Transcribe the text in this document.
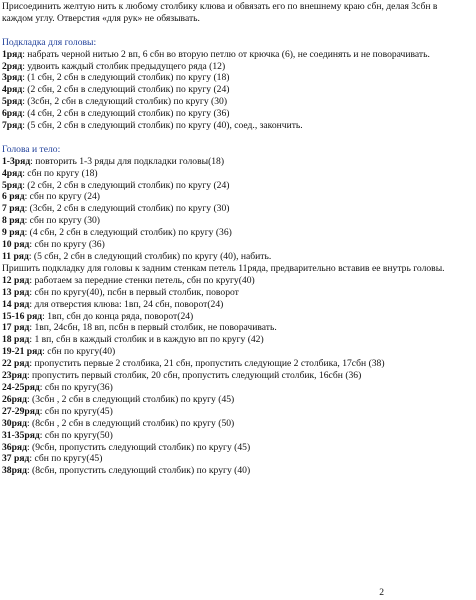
Присоединить желтую нить к любому столбику клюва и обвязать его по внешнему краю сбн, делая 3сбн в каждом углу. Отверстия «для рук» не обязывать.

Подкладка для головы:

1ряд: набрать черной нитью 2 вп, 6 сбн во вторую петлю от крючка (6), не соединять и не поворачивать.

2ряд: удвоить каждый столбик предыдущего ряда (12)

3ряд: (1 сбн, 2 сбн в следующий столбик) по кругу (18)

4ряд: (2 сбн, 2 сбн в следующий столбик) по кругу (24)

5ряд: (3сбн, 2 сбн в следующий столбик) по кругу (30)

6ряд: (4 сбн, 2 сбн в следующий столбик) по кругу (36)

7ряд: (5 сбн, 2 сбн в следующий столбик) по кругу (40), соед., закончить.

Голова и тело:

1-3ряд: повторить 1-3 ряды для подкладки головы(18)

4ряд: сбн по кругу (18)

5ряд: (2 сбн, 2 сбн в следующий столбик) по кругу (24)

6 ряд: сбн по кругу (24)

7 ряд: (3сбн, 2 сбн в следующий столбик) по кругу (30)

8 ряд: сбн по кругу (30)

9 ряд: (4 сбн, 2 сбн в следующий столбик) по кругу (36)

10 ряд: сбн по кругу (36)

11 ряд: (5 сбн, 2 сбн в следующий столбик) по кругу (40), набить.

Пришить подкладку для головы к задним стенкам петель 11ряда, предварительно вставив ее внутрь головы.

12 ряд: работаем за передние стенки петель, сбн по кругу(40)

13 ряд: сбн по кругу(40), псбн в первый столбик, поворот

14 ряд: для отверстия клюва: 1вп, 24 сбн, поворот(24)

15-16 ряд: 1вп, сбн до конца ряда, поворот(24)

17 ряд: 1вп, 24сбн, 18 вп, псбн в первый столбик, не поворачивать.

18 ряд: 1 вп, сбн в каждый столбик и в каждую вп по кругу (42)

19-21 ряд: сбн по кругу(40)

22 ряд: пропустить первые 2 столбика, 21 сбн, пропустить следующие 2 столбика, 17сбн (38)

23ряд: пропустить первый столбик, 20 сбн, пропустить следующий столбик, 16сбн (36)

24-25ряд: сбн по кругу(36)

26ряд: (3сбн , 2 сбн в следующий столбик) по кругу (45)

27-29ряд: сбн по кругу(45)

30ряд: (8сбн , 2 сбн в следующий столбик) по кругу (50)

31-35ряд: сбн по кругу(50)

36ряд: (9сбн, пропустить следующий столбик) по кругу (45)

37 ряд: сбн по кругу(45)

38ряд: (8сбн, пропустить следующий столбик) по кругу (40)

2
